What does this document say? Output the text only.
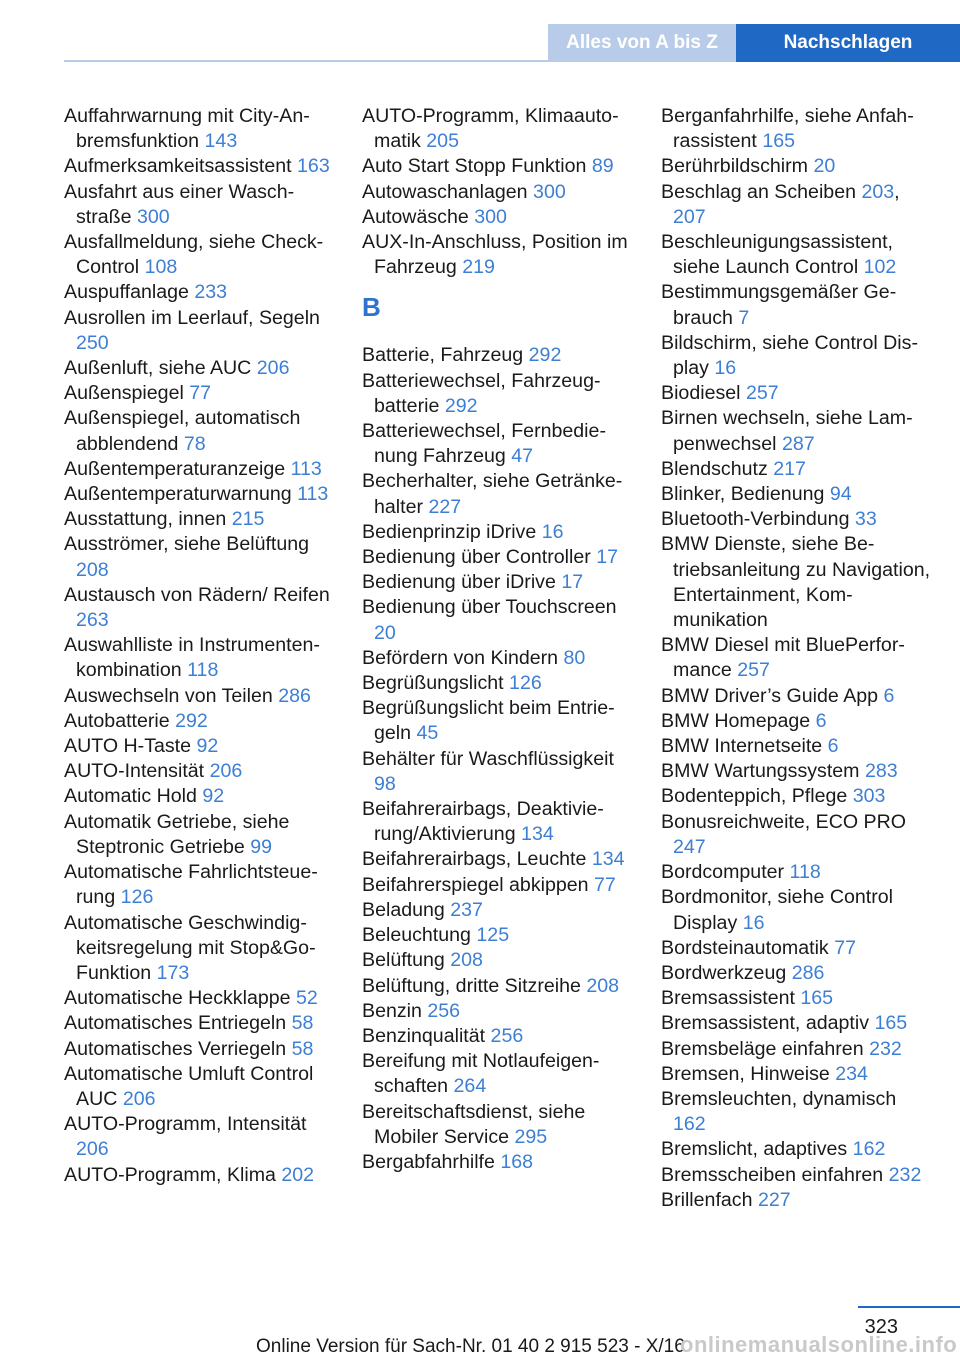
Alles von A bis Z	Nachschlagen

Auffahrwarnung mit City-Anbremsfunktion 143

Aufmerksamkeitsassistent 163

Ausfahrt aus einer Waschstraße 300

Ausfallmeldung, siehe Check-Control 108

Auspuffanlage 233

Ausrollen im Leerlauf, Segeln 250

Außenluft, siehe AUC 206

Außenspiegel 77

Außenspiegel, automatisch abblendend 78

Außentemperaturanzeige 113

Außentemperaturwarnung 113

Ausstattung, innen 215

Ausströmer, siehe Belüftung 208

Austausch von Rädern/ Reifen 263

Auswahlliste in Instrumentenkombination 118

Auswechseln von Teilen 286

Autobatterie 292

AUTO H-Taste 92

AUTO-Intensität 206

Automatic Hold 92

Automatik Getriebe, siehe Steptronic Getriebe 99

Automatische Fahrlichtsteuerung 126

Automatische Geschwindigkeitsregelung mit Stop&Go-Funktion 173

Automatische Heckklappe 52

Automatisches Entriegeln 58

Automatisches Verriegeln 58

Automatische Umluft Control AUC 206

AUTO-Programm, Intensität 206

AUTO-Programm, Klima 202

AUTO-Programm, Klimaautomatik 205

Auto Start Stopp Funktion 89

Autowaschanlagen 300

Autowäsche 300

AUX-In-Anschluss, Position im Fahrzeug 219

B

Batterie, Fahrzeug 292

Batteriewechsel, Fahrzeugbatterie 292

Batteriewechsel, Fernbedienung Fahrzeug 47

Becherhalter, siehe Getränkehalter 227

Bedienprinzip iDrive 16

Bedienung über Controller 17

Bedienung über iDrive 17

Bedienung über Touchscreen 20

Befördern von Kindern 80

Begrüßungslicht 126

Begrüßungslicht beim Entriegeln 45

Behälter für Waschflüssigkeit 98

Beifahrerairbags, Deaktivierung/Aktivierung 134

Beifahrerairbags, Leuchte 134

Beifahrerspiegel abkippen 77

Beladung 237

Beleuchtung 125

Belüftung 208

Belüftung, dritte Sitzreihe 208

Benzin 256

Benzinqualität 256

Bereifung mit Notlaufeigenschaften 264

Bereitschaftsdienst, siehe Mobiler Service 295

Bergabfahrhilfe 168

Berganfahrhilfe, siehe Anfahrassistent 165

Berührbildschirm 20

Beschlag an Scheiben 203, 207

Beschleunigungsassistent, siehe Launch Control 102

Bestimmungsgemäßer Gebrauch 7

Bildschirm, siehe Control Display 16

Biodiesel 257

Birnen wechseln, siehe Lampenwechsel 287

Blendschutz 217

Blinker, Bedienung 94

Bluetooth-Verbindung 33

BMW Dienste, siehe Betriebsanleitung zu Navigation, Entertainment, Kommunikation

BMW Diesel mit BluePerformance 257

BMW Driver’s Guide App 6

BMW Homepage 6

BMW Internetseite 6

BMW Wartungssystem 283

Bodenteppich, Pflege 303

Bonusreichweite, ECO PRO 247

Bordcomputer 118

Bordmonitor, siehe Control Display 16

Bordsteinautomatik 77

Bordwerkzeug 286

Bremsassistent 165

Bremsassistent, adaptiv 165

Bremsbeläge einfahren 232

Bremsen, Hinweise 234

Bremsleuchten, dynamisch 162

Bremslicht, adaptives 162

Bremsscheiben einfahren 232

Brillenfach 227

323
Online Version für Sach-Nr. 01 40 2 915 523 - X/16
onlinemanualsonline.info
